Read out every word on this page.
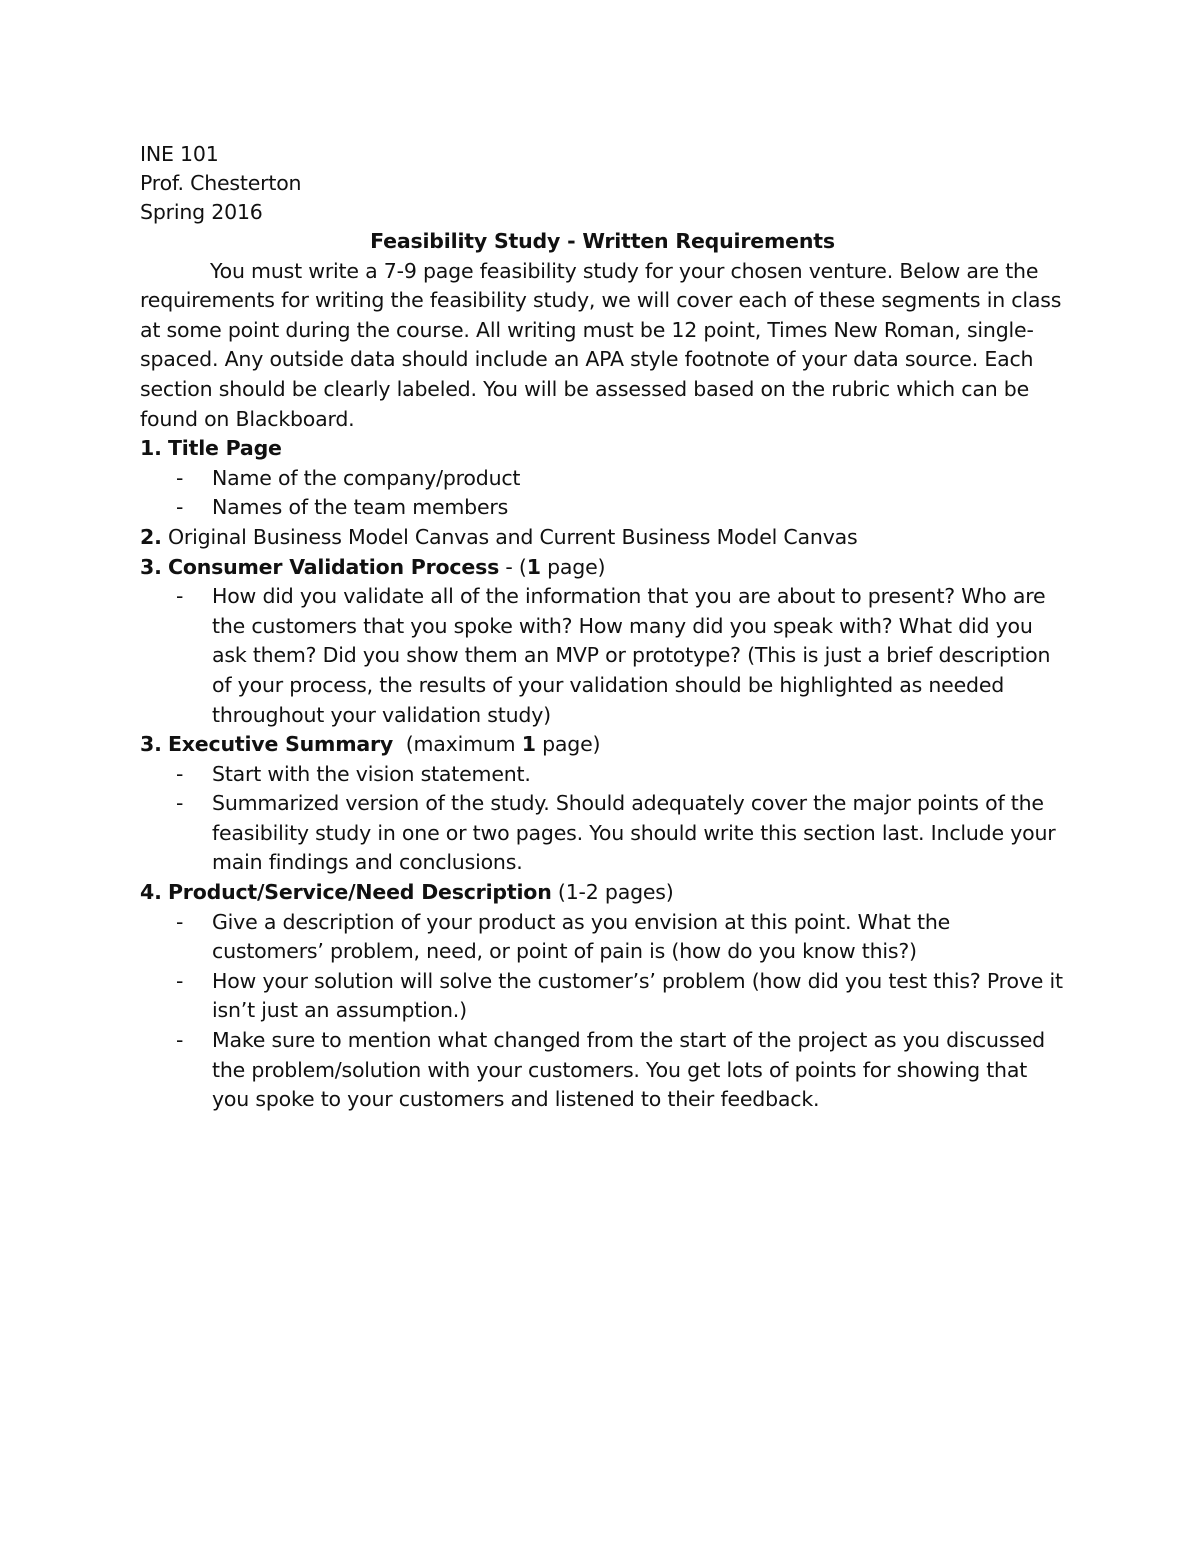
INE 101
Prof. Chesterton
Spring 2016
Feasibility Study - Written Requirements

You must write a 7-9 page feasibility study for your chosen venture. Below are the requirements for writing the feasibility study, we will cover each of these segments in class at some point during the course. All writing must be 12 point, Times New Roman, single-spaced. Any outside data should include an APA style footnote of your data source. Each section should be clearly labeled. You will be assessed based on the rubric which can be found on Blackboard.

1. Title Page
- Name of the company/product
- Names of the team members
2. Original Business Model Canvas and Current Business Model Canvas
3. Consumer Validation Process - (1 page)
- How did you validate all of the information that you are about to present? Who are the customers that you spoke with? How many did you speak with? What did you ask them? Did you show them an MVP or prototype? (This is just a brief description of your process, the results of your validation should be highlighted as needed throughout your validation study)
3. Executive Summary  (maximum 1 page)
- Start with the vision statement.
- Summarized version of the study. Should adequately cover the major points of the feasibility study in one or two pages. You should write this section last. Include your main findings and conclusions.
4. Product/Service/Need Description (1-2 pages)
- Give a description of your product as you envision at this point. What the customers’ problem, need, or point of pain is (how do you know this?)
- How your solution will solve the customer’s’ problem (how did you test this? Prove it isn’t just an assumption.)
- Make sure to mention what changed from the start of the project as you discussed the problem/solution with your customers. You get lots of points for showing that you spoke to your customers and listened to their feedback.
